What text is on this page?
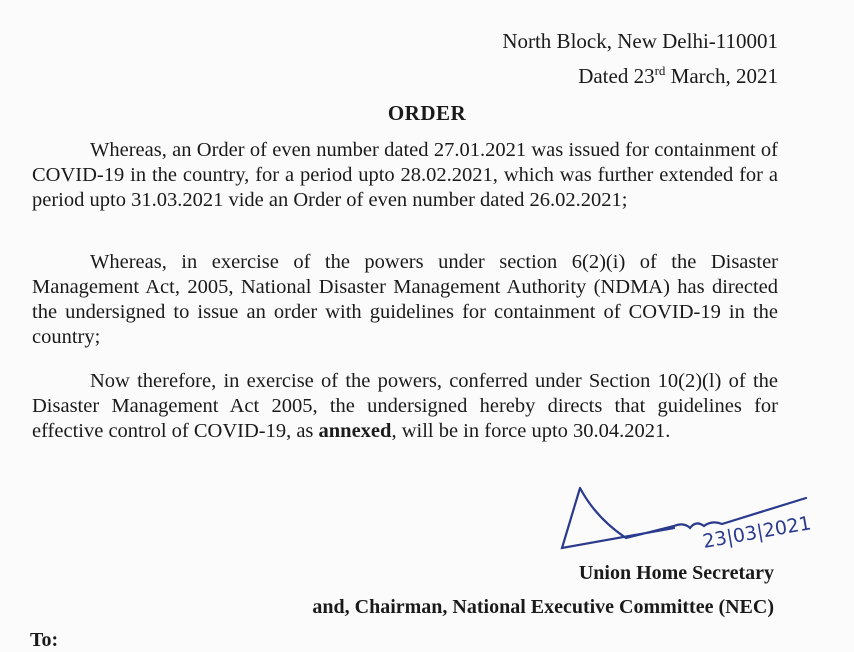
North Block, New Delhi-110001
Dated 23rd March, 2021
ORDER
Whereas, an Order of even number dated 27.01.2021 was issued for containment of COVID-19 in the country, for a period upto 28.02.2021, which was further extended for a period upto 31.03.2021 vide an Order of even number dated 26.02.2021;
Whereas, in exercise of the powers under section 6(2)(i) of the Disaster Management Act, 2005, National Disaster Management Authority (NDMA) has directed the undersigned to issue an order with guidelines for containment of COVID-19 in the country;
Now therefore, in exercise of the powers, conferred under Section 10(2)(l) of the Disaster Management Act 2005, the undersigned hereby directs that guidelines for effective control of COVID-19, as annexed, will be in force upto 30.04.2021.
23|03|2021
Union Home Secretary
and, Chairman, National Executive Committee (NEC)
To:
